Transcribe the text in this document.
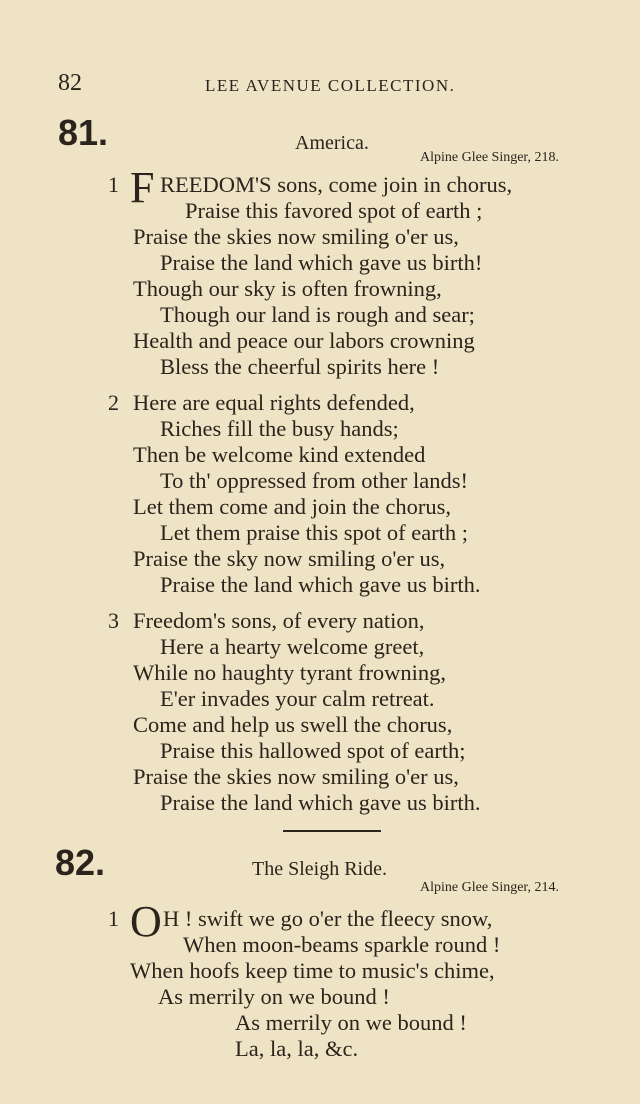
82	LEE AVENUE COLLECTION.
81.	America.
Alpine Glee Singer, 218.
1 F REEDOM'S sons, come join in chorus,
Praise this favored spot of earth ;
Praise the skies now smiling o'er us,
Praise the land which gave us birth!
Though our sky is often frowning,
Though our land is rough and sear;
Health and peace our labors crowning
Bless the cheerful spirits here !
2 Here are equal rights defended,
Riches fill the busy hands;
Then be welcome kind extended
To th' oppressed from other lands!
Let them come and join the chorus,
Let them praise this spot of earth ;
Praise the sky now smiling o'er us,
Praise the land which gave us birth.
3 Freedom's sons, of every nation,
Here a hearty welcome greet,
While no haughty tyrant frowning,
E'er invades your calm retreat.
Come and help us swell the chorus,
Praise this hallowed spot of earth;
Praise the skies now smiling o'er us,
Praise the land which gave us birth.
82.	The Sleigh Ride.
Alpine Glee Singer, 214.
1 O H ! swift we go o'er the fleecy snow,
When moon-beams sparkle round !
When hoofs keep time to music's chime,
As merrily on we bound !
As merrily on we bound !
La, la, la, &c.
